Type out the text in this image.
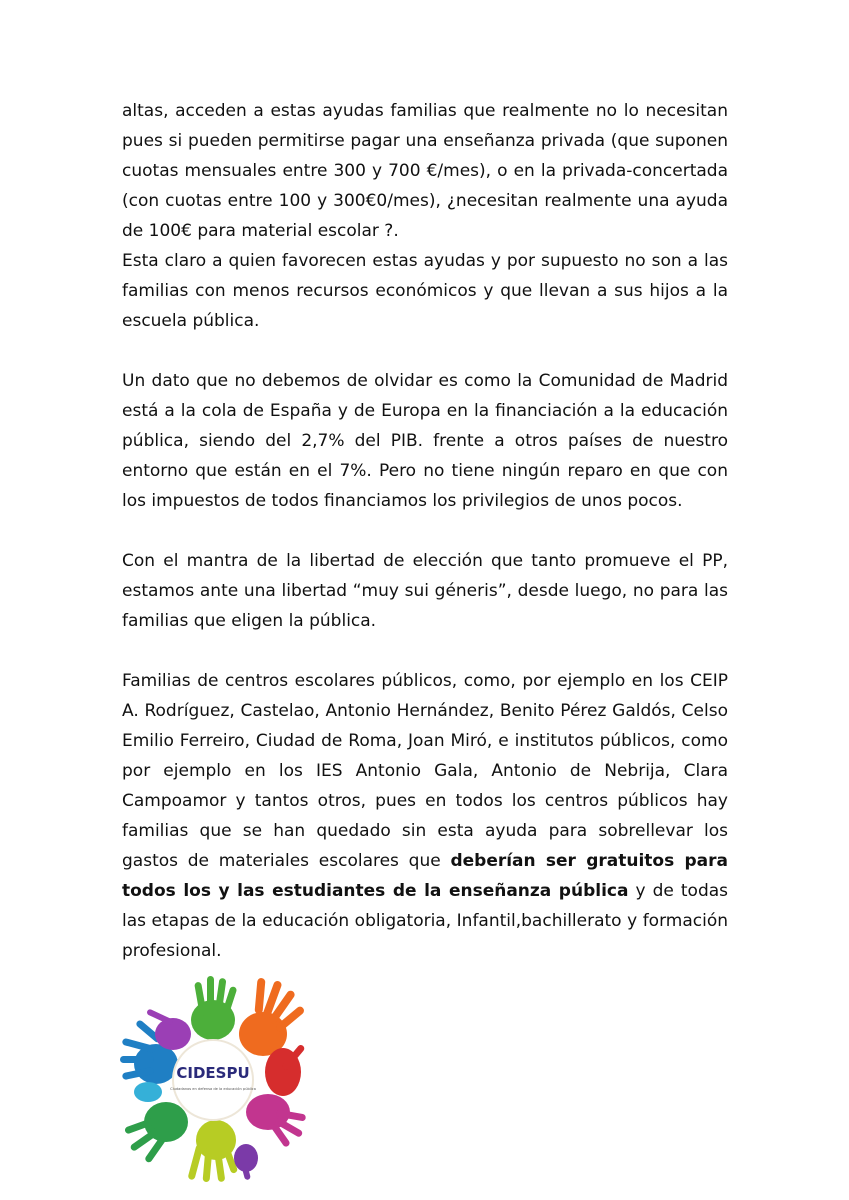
altas, acceden a estas ayudas familias que realmente no lo necesitan pues si pueden permitirse pagar una enseñanza privada (que suponen cuotas mensuales entre 300 y 700 €/mes), o en la privada-concertada (con cuotas entre 100 y 300€0/mes), ¿necesitan realmente una ayuda de 100€ para material escolar ?.

Esta claro a quien favorecen estas ayudas y por supuesto no son a las familias con menos recursos económicos y que llevan a sus hijos a la escuela pública.

Un dato que no debemos de olvidar es como la Comunidad de Madrid está a la cola de España y de Europa en la financiación a la educación pública, siendo del 2,7% del PIB. frente a otros países de nuestro entorno que están en el 7%. Pero no tiene ningún reparo en que con los impuestos de todos financiamos los privilegios de unos pocos.

Con el mantra de la libertad de elección que tanto promueve el PP, estamos ante una libertad “muy sui géneris”, desde luego, no para las familias que eligen la pública.

Familias de centros escolares públicos, como, por ejemplo en los CEIP A. Rodríguez, Castelao, Antonio Hernández, Benito Pérez Galdós, Celso Emilio Ferreiro, Ciudad de Roma, Joan Miró, e institutos públicos, como por ejemplo en los IES Antonio Gala, Antonio de Nebrija, Clara Campoamor y tantos otros, pues en todos los centros públicos hay familias que se han quedado sin esta ayuda para sobrellevar los gastos de materiales escolares que deberían ser gratuitos para todos los y las estudiantes de la enseñanza pública y de todas las etapas de la educación obligatoria, Infantil,bachillerato y formación profesional.

CIDESPU
Ciudadanos en defensa de la educación pública
